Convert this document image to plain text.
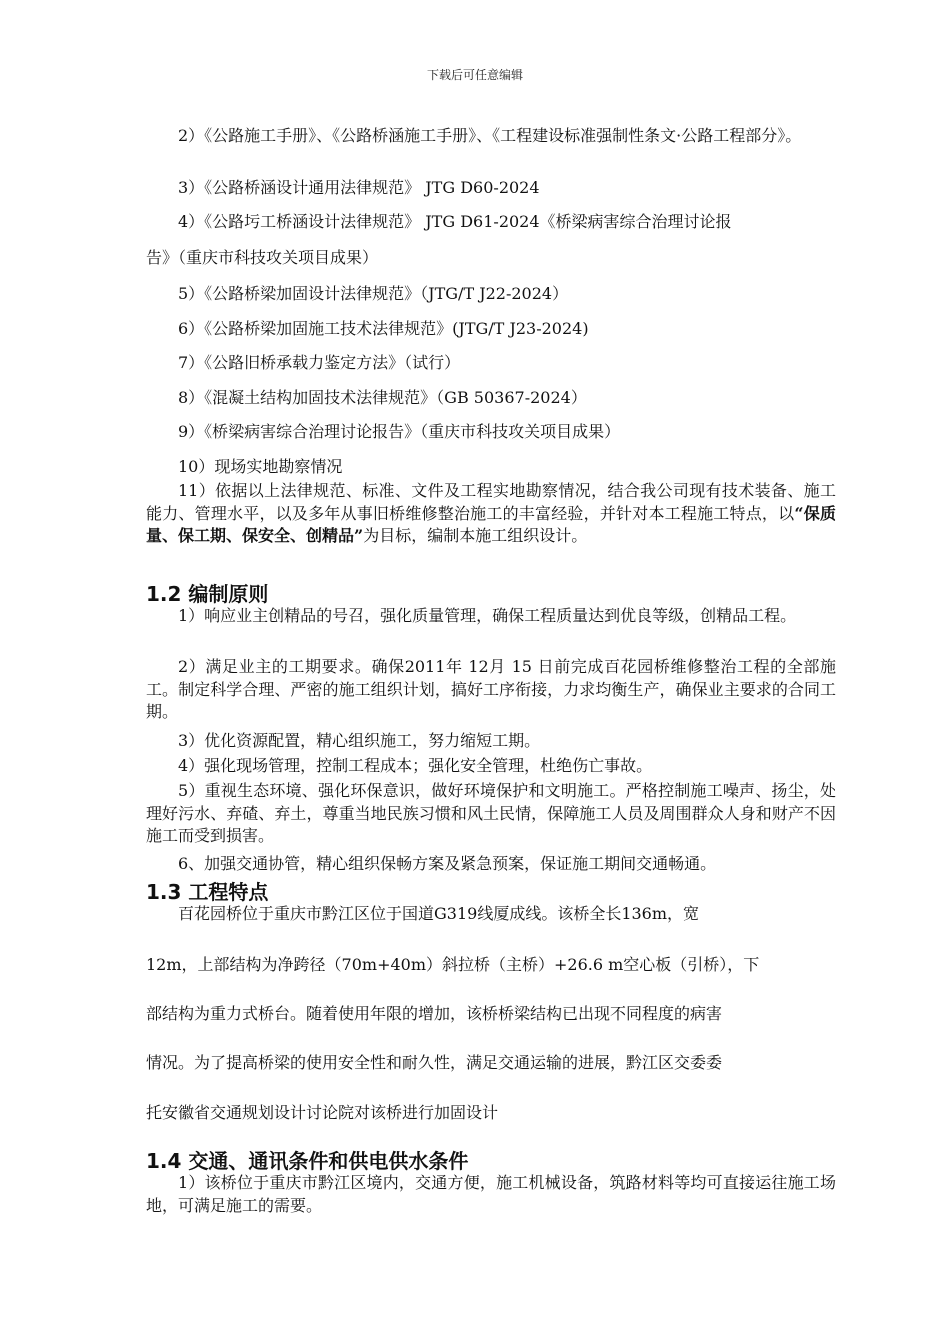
下载后可任意编辑
2）《公路施工手册》、《公路桥涵施工手册》、《工程建设标准强制性条文·公路工程部分》。
3）《公路桥涵设计通用法律规范》 JTG D60-2024
4）《公路圬工桥涵设计法律规范》 JTG D61-2024《桥梁病害综合治理讨论报
告》（重庆市科技攻关项目成果）
5）《公路桥梁加固设计法律规范》（JTG/T J22-2024）
6）《公路桥梁加固施工技术法律规范》(JTG/T J23-2024)
7）《公路旧桥承载力鉴定方法》（试行）
8）《混凝土结构加固技术法律规范》（GB 50367-2024）
9）《桥梁病害综合治理讨论报告》（重庆市科技攻关项目成果）
10）现场实地勘察情况
11）依据以上法律规范、标准、文件及工程实地勘察情况，结合我公司现有技术装备、施工能力、管理水平，以及多年从事旧桥维修整治施工的丰富经验，并针对本工程施工特点，以“保质量、保工期、保安全、创精品”为目标，编制本施工组织设计。
1.2 编制原则
1）响应业主创精品的号召，强化质量管理，确保工程质量达到优良等级，创精品工程。
2）满足业主的工期要求。确保2011年 12月 15 日前完成百花园桥维修整治工程的全部施工。制定科学合理、严密的施工组织计划，搞好工序衔接，力求均衡生产，确保业主要求的合同工期。
3）优化资源配置，精心组织施工，努力缩短工期。
4）强化现场管理，控制工程成本；强化安全管理，杜绝伤亡事故。
5）重视生态环境、强化环保意识，做好环境保护和文明施工。严格控制施工噪声、扬尘，处理好污水、弃碴、弃土，尊重当地民族习惯和风土民情，保障施工人员及周围群众人身和财产不因施工而受到损害。
6、加强交通协管，精心组织保畅方案及紧急预案，保证施工期间交通畅通。
1.3 工程特点
百花园桥位于重庆市黔江区位于国道G319线厦成线。该桥全长136m，宽
12m，上部结构为净跨径（70m+40m）斜拉桥（主桥）+26.6 m空心板（引桥），下
部结构为重力式桥台。随着使用年限的增加，该桥桥梁结构已出现不同程度的病害
情况。为了提高桥梁的使用安全性和耐久性，满足交通运输的进展，黔江区交委委
托安徽省交通规划设计讨论院对该桥进行加固设计
1.4 交通、通讯条件和供电供水条件
1）该桥位于重庆市黔江区境内，交通方便，施工机械设备，筑路材料等均可直接运往施工场地，可满足施工的需要。
